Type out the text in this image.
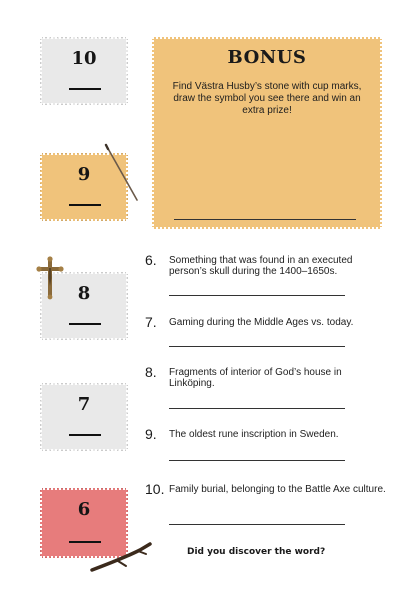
10
9
8
7
6
BONUS
Find Västra Husby’s stone with cup marks, draw the symbol you see there and win an extra prize!
6. Something that was found in an executed person’s skull during the 1400–1650s.
7. Gaming during the Middle Ages vs. today.
8. Fragments of interior of God’s house in Linköping.
9. The oldest rune inscription in Sweden.
10. Family burial, belonging to the Battle Axe culture.
Did you discover the word?
